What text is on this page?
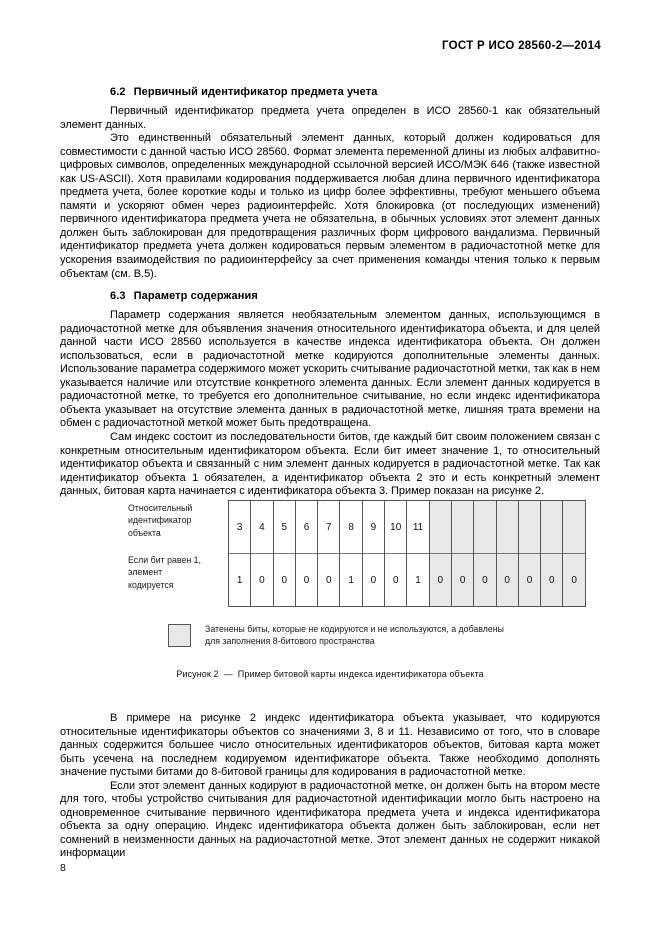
ГОСТ Р ИСО 28560-2—2014
6.2 Первичный идентификатор предмета учета

Первичный идентификатор предмета учета определен в ИСО 28560-1 как обязательный элемент данных.

Это единственный обязательный элемент данных, который должен кодироваться для совместимости с данной частью ИСО 28560. Формат элемента переменной длины из любых алфавитно-цифровых символов, определенных международной ссылочной версией ИСО/МЭК 646 (также известной как US-ASCII). Хотя правилами кодирования поддерживается любая длина первичного идентификатора предмета учета, более короткие коды и только из цифр более эффективны, требуют меньшего объема памяти и ускоряют обмен через радиоинтерфейс. Хотя блокировка (от последующих изменений) первичного идентификатора предмета учета не обязательна, в обычных условиях этот элемент данных должен быть заблокирован для предотвращения различных форм цифрового вандализма. Первичный идентификатор предмета учета должен кодироваться первым элементом в радиочастотной метке для ускорения взаимодействия по радиоинтерфейсу за счет применения команды чтения только к первым объектам (см. В.5).

6.3 Параметр содержания

Параметр содержания является необязательным элементом данных, использующимся в радиочастотной метке для объявления значения относительного идентификатора объекта, и для целей данной части ИСО 28560 используется в качестве индекса идентификатора объекта. Он должен использоваться, если в радиочастотной метке кодируются дополнительные элементы данных. Использование параметра содержимого может ускорить считывание радиочастотной метки, так как в нем указывается наличие или отсутствие конкретного элемента данных. Если элемент данных кодируется в радиочастотной метке, то требуется его дополнительное считывание, но если индекс идентификатора объекта указывает на отсутствие элемента данных в радиочастотной метке, лишняя трата времени на обмен с радиочастотной меткой может быть предотвращена.

Сам индекс состоит из последовательности битов, где каждый бит своим положением связан с конкретным относительным идентификатором объекта. Если бит имеет значение 1, то относительный идентификатор объекта и связанный с ним элемент данных кодируется в радиочастотной метке. Так как идентификатор объекта 1 обязателен, а идентификатор объекта 2 это и есть конкретный элемент данных, битовая карта начинается с идентификатора объекта 3. Пример показан на рисунке 2.

Относительный
идентификатор
объекта
Если бит равен 1,
элемент
кодируется
3	4	5	6	7	8	9	10	11							
1	0	0	0	0	1	0	0	1	0	0	0	0	0	0	0
Затенены биты, которые не кодируются и не используются, а добавлены
для заполнения 8-битового пространства
Рисунок 2 — Пример битовой карты индекса идентификатора объекта

В примере на рисунке 2 индекс идентификатора объекта указывает, что кодируются относительные идентификаторы объектов со значениями 3, 8 и 11. Независимо от того, что в словаре данных содержится большее число относительных идентификаторов объектов, битовая карта может быть усечена на последнем кодируемом идентификаторе объекта. Также необходимо дополнять значение пустыми битами до 8-битовой границы для кодирования в радиочастотной метке.

Если этот элемент данных кодируют в радиочастотной метке, он должен быть на втором месте для того, чтобы устройство считывания для радиочастотной идентификации могло быть настроено на одновременное считывание первичного идентификатора предмета учета и индекса идентификатора объекта за одну операцию. Индекс идентификатора объекта должен быть заблокирован, если нет сомнений в неизменности данных на радиочастотной метке. Этот элемент данных не содержит никакой информации

8
